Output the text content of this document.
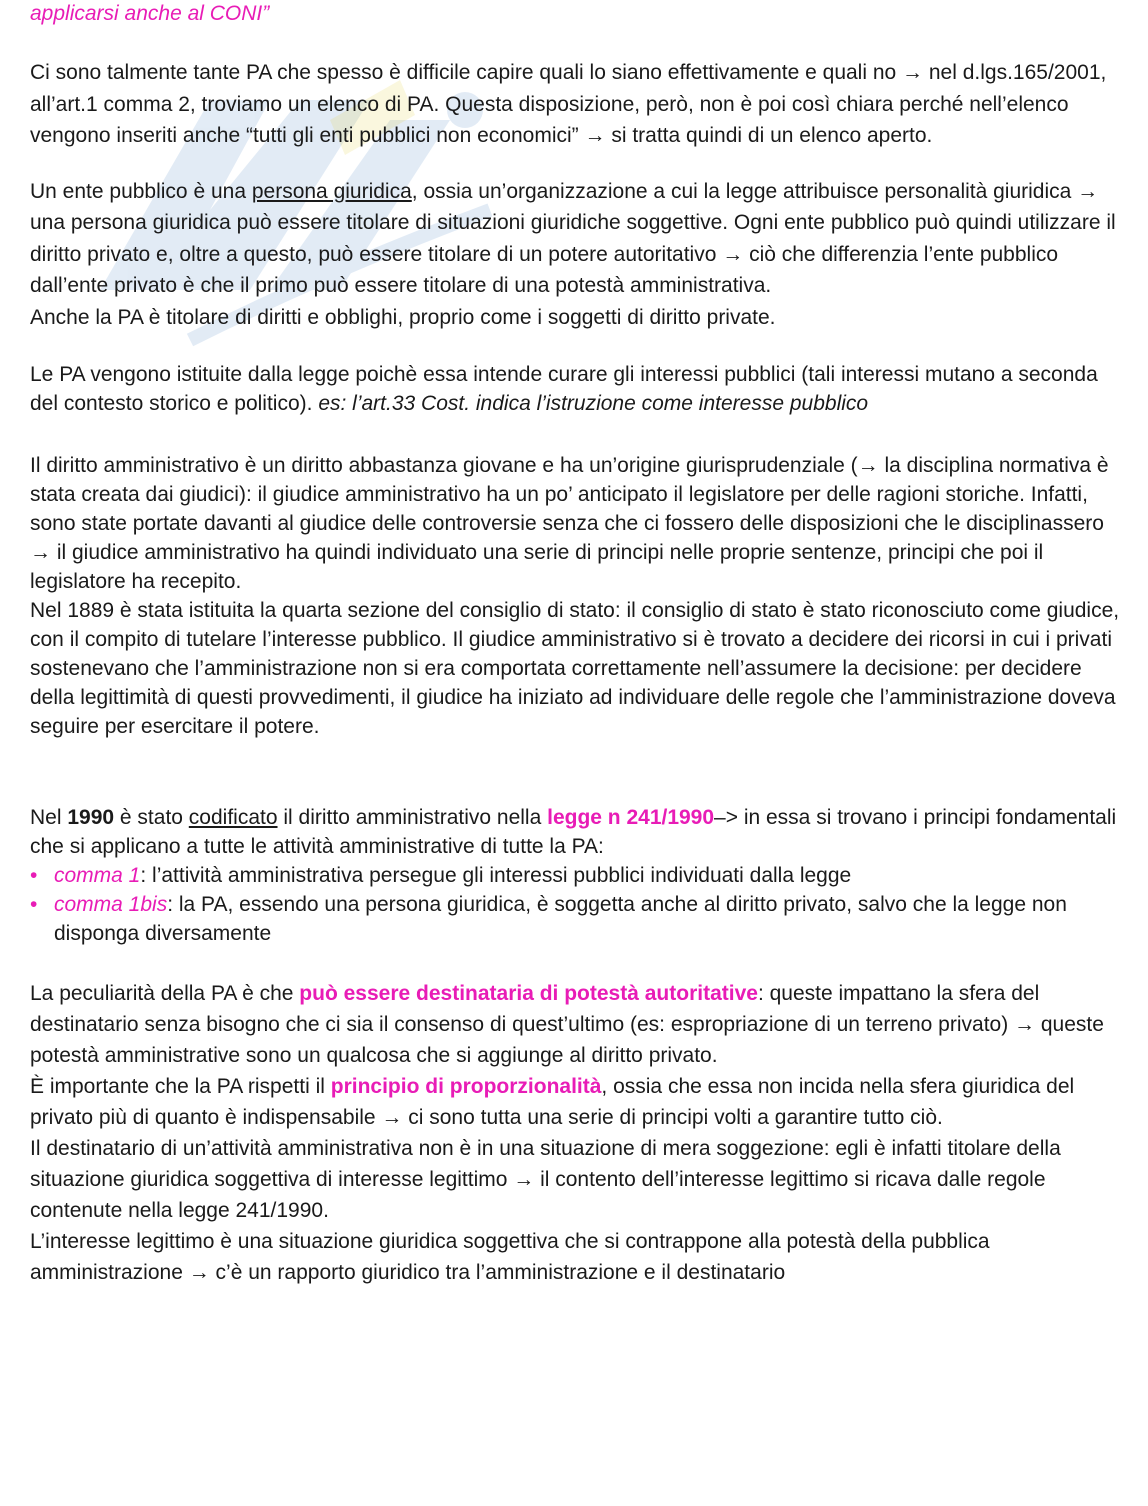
applicarsi anche al CONI”

Ci sono talmente tante PA che spesso è difficile capire quali lo siano effettivamente e quali no → nel d.lgs.165/2001, all’art.1 comma 2, troviamo un elenco di PA. Questa disposizione, però, non è poi così chiara perché nell’elenco vengono inseriti anche “tutti gli enti pubblici non economici” → si tratta quindi di un elenco aperto.

Un ente pubblico è una persona giuridica, ossia un’organizzazione a cui la legge attribuisce personalità giuridica → una persona giuridica può essere titolare di situazioni giuridiche soggettive. Ogni ente pubblico può quindi utilizzare il diritto privato e, oltre a questo, può essere titolare di un potere autoritativo → ciò che differenzia l’ente pubblico dall’ente privato è che il primo può essere titolare di una potestà amministrativa.
Anche la PA è titolare di diritti e obblighi, proprio come i soggetti di diritto private.

Le PA vengono istituite dalla legge poichè essa intende curare gli interessi pubblici (tali interessi mutano a seconda del contesto storico e politico). es: l’art.33 Cost. indica l’istruzione come interesse pubblico

Il diritto amministrativo è un diritto abbastanza giovane e ha un’origine giurisprudenziale (→ la disciplina normativa è stata creata dai giudici): il giudice amministrativo ha un po’ anticipato il legislatore per delle ragioni storiche. Infatti, sono state portate davanti al giudice delle controversie senza che ci fossero delle disposizioni che le disciplinassero → il giudice amministrativo ha quindi individuato una serie di principi nelle proprie sentenze, principi che poi il legislatore ha recepito.
Nel 1889 è stata istituita la quarta sezione del consiglio di stato: il consiglio di stato è stato riconosciuto come giudice, con il compito di tutelare l’interesse pubblico. Il giudice amministrativo si è trovato a decidere dei ricorsi in cui i privati sostenevano che l’amministrazione non si era comportata correttamente nell’assumere la decisione: per decidere della legittimità di questi provvedimenti, il giudice ha iniziato ad individuare delle regole che l’amministrazione doveva seguire per esercitare il potere.

Nel 1990 è stato codificato il diritto amministrativo nella legge n 241/1990–> in essa si trovano i principi fondamentali che si applicano a tutte le attività amministrative di tutte la PA:

• comma 1: l’attività amministrativa persegue gli interessi pubblici individuati dalla legge
• comma 1bis: la PA, essendo una persona giuridica, è soggetta anche al diritto privato, salvo che la legge non disponga diversamente

La peculiarità della PA è che può essere destinataria di potestà autoritative: queste impattano la sfera del destinatario senza bisogno che ci sia il consenso di quest’ultimo (es: espropriazione di un terreno privato) → queste potestà amministrative sono un qualcosa che si aggiunge al diritto privato.
È importante che la PA rispetti il principio di proporzionalità, ossia che essa non incida nella sfera giuridica del privato più di quanto è indispensabile → ci sono tutta una serie di principi volti a garantire tutto ciò.
Il destinatario di un’attività amministrativa non è in una situazione di mera soggezione: egli è infatti titolare della situazione giuridica soggettiva di interesse legittimo → il contento dell’interesse legittimo si ricava dalle regole contenute nella legge 241/1990.
L’interesse legittimo è una situazione giuridica soggettiva che si contrappone alla potestà della pubblica amministrazione → c’è un rapporto giuridico tra l’amministrazione e il destinatario
